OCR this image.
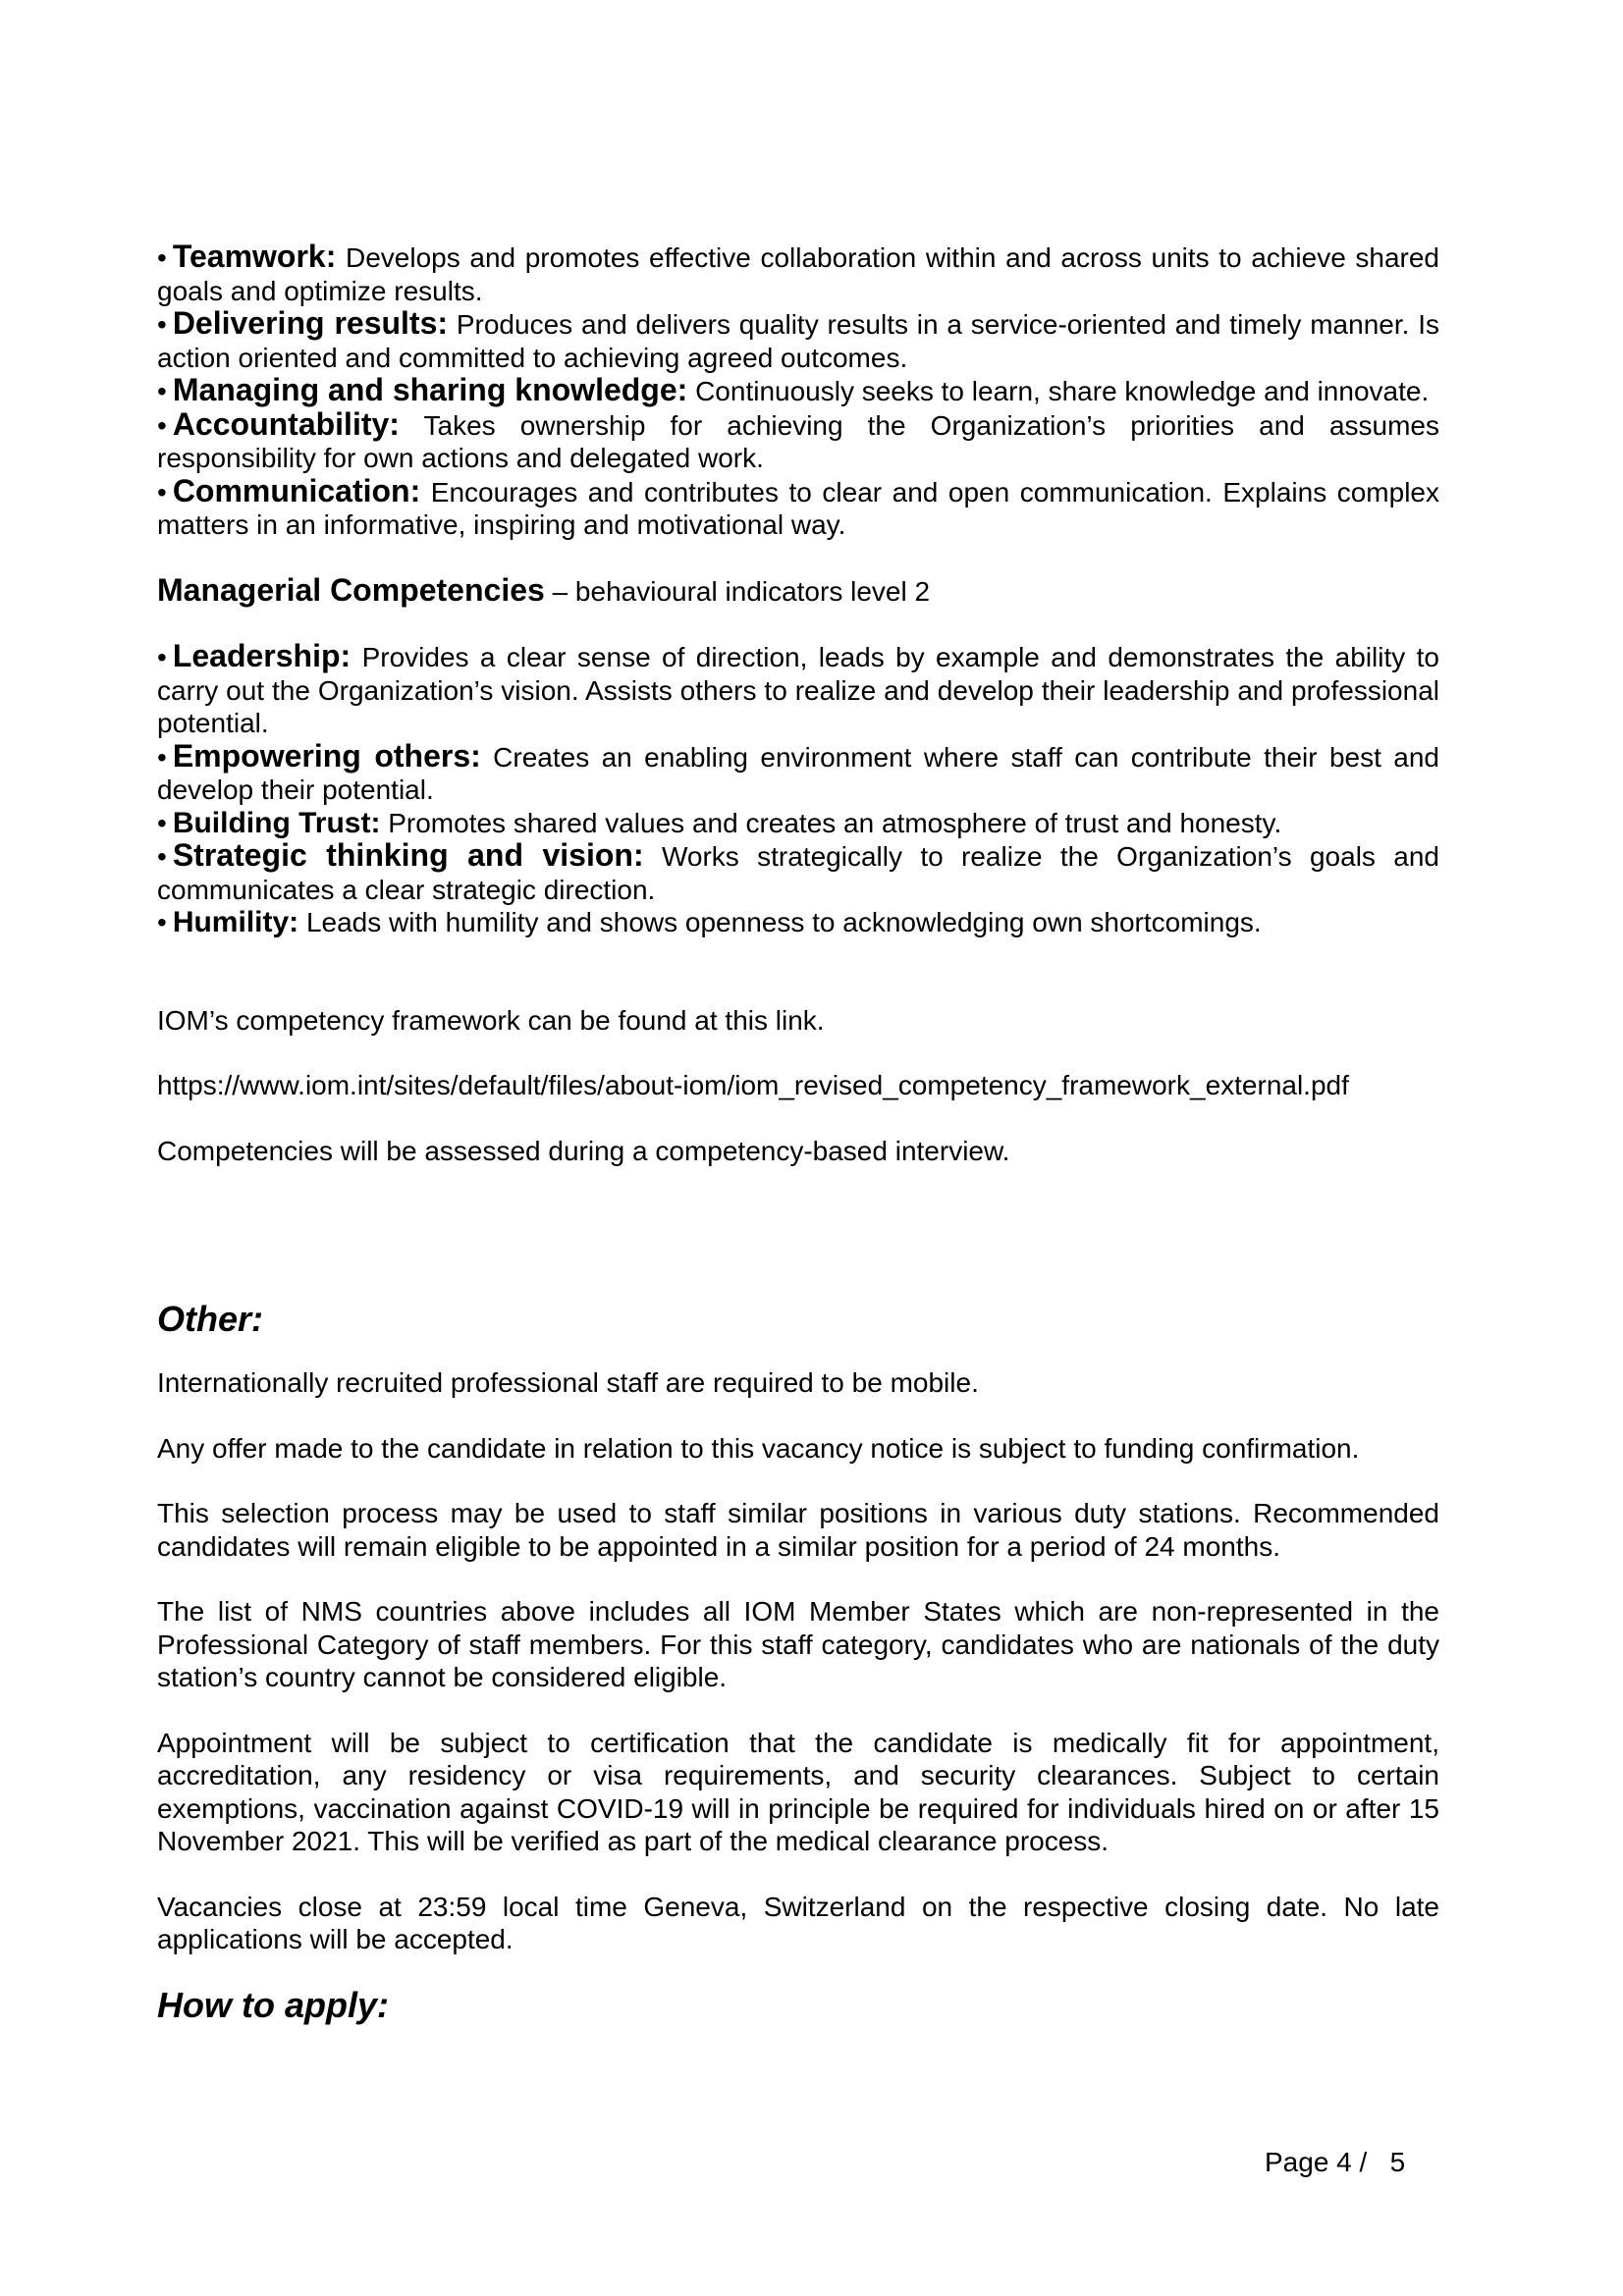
• Teamwork: Develops and promotes effective collaboration within and across units to achieve shared goals and optimize results.

• Delivering results: Produces and delivers quality results in a service-oriented and timely manner. Is action oriented and committed to achieving agreed outcomes.

• Managing and sharing knowledge: Continuously seeks to learn, share knowledge and innovate.

• Accountability: Takes ownership for achieving the Organization’s priorities and assumes responsibility for own actions and delegated work.

• Communication: Encourages and contributes to clear and open communication. Explains complex matters in an informative, inspiring and motivational way.

Managerial Competencies – behavioural indicators level 2

• Leadership: Provides a clear sense of direction, leads by example and demonstrates the ability to carry out the Organization’s vision. Assists others to realize and develop their leadership and professional potential.

• Empowering others: Creates an enabling environment where staff can contribute their best and develop their potential.

• Building Trust: Promotes shared values and creates an atmosphere of trust and honesty.

• Strategic thinking and vision: Works strategically to realize the Organization’s goals and communicates a clear strategic direction.

• Humility: Leads with humility and shows openness to acknowledging own shortcomings.

IOM’s competency framework can be found at this link.

https://www.iom.int/sites/default/files/about-iom/iom_revised_competency_framework_external.pdf

Competencies will be assessed during a competency-based interview.

Other:

Internationally recruited professional staff are required to be mobile.

Any offer made to the candidate in relation to this vacancy notice is subject to funding confirmation.

This selection process may be used to staff similar positions in various duty stations. Recommended candidates will remain eligible to be appointed in a similar position for a period of 24 months.

The list of NMS countries above includes all IOM Member States which are non-represented in the Professional Category of staff members. For this staff category, candidates who are nationals of the duty station’s country cannot be considered eligible.

Appointment will be subject to certification that the candidate is medically fit for appointment, accreditation, any residency or visa requirements, and security clearances. Subject to certain exemptions, vaccination against COVID-19 will in principle be required for individuals hired on or after 15 November 2021. This will be verified as part of the medical clearance process.

Vacancies close at 23:59 local time Geneva, Switzerland on the respective closing date. No late applications will be accepted.

How to apply:
Page 4 /   5
